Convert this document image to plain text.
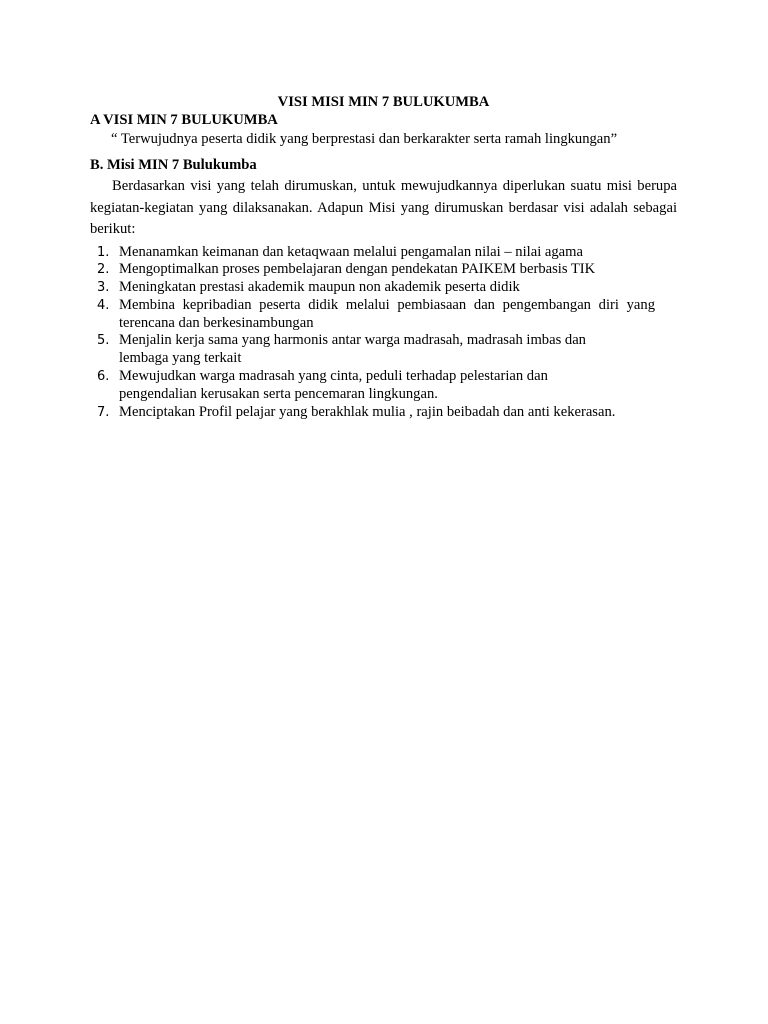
VISI MISI MIN 7 BULUKUMBA

A VISI MIN 7 BULUKUMBA

“ Terwujudnya peserta didik yang berprestasi dan berkarakter serta ramah lingkungan”

B. Misi MIN 7 Bulukumba

Berdasarkan visi yang telah dirumuskan, untuk mewujudkannya diperlukan suatu misi berupa kegiatan-kegiatan yang dilaksanakan. Adapun Misi yang dirumuskan berdasar visi adalah sebagai berikut:

1. Menanamkan keimanan dan ketaqwaan melalui pengamalan nilai – nilai agama
2. Mengoptimalkan proses pembelajaran dengan pendekatan PAIKEM berbasis TIK
3. Meningkatan prestasi akademik maupun non akademik peserta didik
4. Membina kepribadian peserta didik melalui pembiasaan dan pengembangan diri yang terencana dan berkesinambungan
5. Menjalin kerja sama yang harmonis antar warga madrasah, madrasah imbas dan lembaga yang terkait
6. Mewujudkan warga madrasah yang cinta, peduli terhadap pelestarian dan pengendalian kerusakan serta pencemaran lingkungan.
7. Menciptakan Profil pelajar yang berakhlak mulia , rajin beibadah dan anti kekerasan.
